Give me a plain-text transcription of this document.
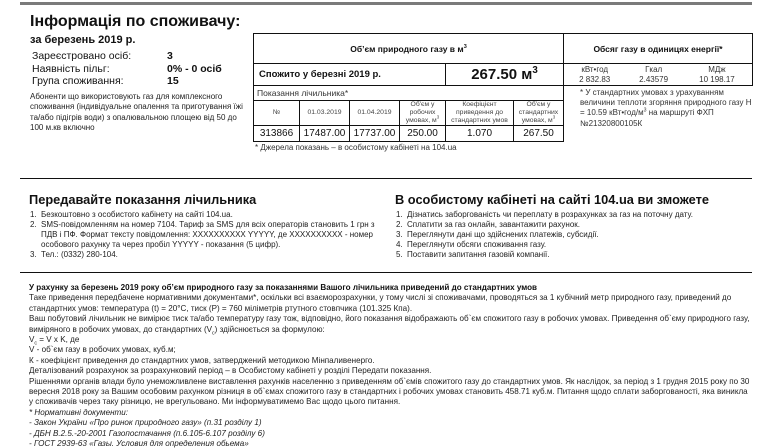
Інформація по споживачу:
за березень 2019 р.
Зареєстровано осіб:	3
Наявність пільг:	0% - 0 осіб
Група споживання:	15

Абоненти що використовують газ для комплексного споживання (індивідуальне опалення та приготування їжі та/або підігрів води) з опалювальною площею від 50 до 100 м.кв включно

Об’єм природного газу в $м^3$
Спожито у березні 2019 р.				267.50 $м^3$
Показання лічильника*					
№	01.03.2019	01.04.2019	Об'єм у робочих умовах, $м^3$	Коефіцієнт приведення до стандартних умов	Об'єм у стандартних умовах, $м^3$
313866	17487.00	17737.00	250.00	1.070	267.50
* Джерела показань – в особистому кабінеті на 104.ua
Обсяг газу в одиницях енергії*

кВт•год
2 832.83

Гкал
2.43579

МДж
10 198.17
* У стандартних умовах з урахуванням величини теплоти згоряння природного газу H = 10.59 $кВт•год/м^3$ на маршруті ФХП №21320800105К
Передавайте показання лічильника
1. Безкоштовно з особистого кабінету на сайті 104.ua.
2. SMS-повідомленням на номер 7104. Тариф за SMS для всіх операторів становить 1 грн з ПДВ і ПФ. Формат тексту повідомлення: XXXXXXXXXX YYYYY, де XXXXXXXXXX - номер особового рахунку та через пробіл YYYYY - показання (5 цифр).
3. Тел.: (0332) 280-104.
В особистому кабінеті на сайті 104.ua ви зможете
1. Дізнатись заборгованість чи переплату в розрахунках за газ на поточну дату.
2. Сплатити за газ онлайн, завантажити рахунок.
3. Переглянути дані що здійснених платежів, субсидії.
4. Переглянути обсяги споживання газу.
5. Поставити запитання газовій компанії.
У рахунку за березень 2019 року об’єм природного газу за показаннями Вашого лічильника приведений до стандартних умов
Таке приведення передбачене нормативними документами*, оскільки всі взаєморозрахунки, у тому числі зі споживачами, проводяться за 1 кубічний метр природного газу, приведений до стандартних умов: температура (t) = 20°C, тиск (P) = 760 міліметрів ртутного стовпчика (101.325 Кпа).
Ваш побутовий лічильник не вимірює тиск та/або температуру газу тож, відповідно, його показання відображають об`єм спожитого газу в робочих умовах. Приведення об`єму природного газу, виміряного в робочих умовах, до стандартних $(V_c)$ здійснюється за формулою:
$V_c = V$ x K, де
V - об`єм газу в робочих умовах, куб.м;
К - коефіцієнт приведення до стандартних умов, затверджений методикою Мінпаливенерго.
Деталізований розрахунок за розрахунковий період – в Особистому кабінеті у розділі Передати показання.
Рішеннями органів влади було унеможливлене виставлення рахунків населенню з приведенням об`ємів спожитого газу до стандартних умов. Як наслідок, за період з 1 грудня 2015 року по 30 вересня 2018 року за Вашим особовим рахунком різниця в об`ємах спожитого газу в стандартних і робочих умовах становить 458.71 куб.м. Питання щодо сплати заборгованості, яка виникла у споживачів через таку різницю, не врегульовано. Ми інформуватимемо Вас щодо цього питання.
* Нормативні документи:
- Закон України «Про ринок природного газу» (п.31 розділу 1)
- ДБН В.2.5.-20-2001 Газопостачання (п.6.105-6.107 розділу 6)
- ГОСТ 2939-63 «Газы. Условия для определения обьема»
